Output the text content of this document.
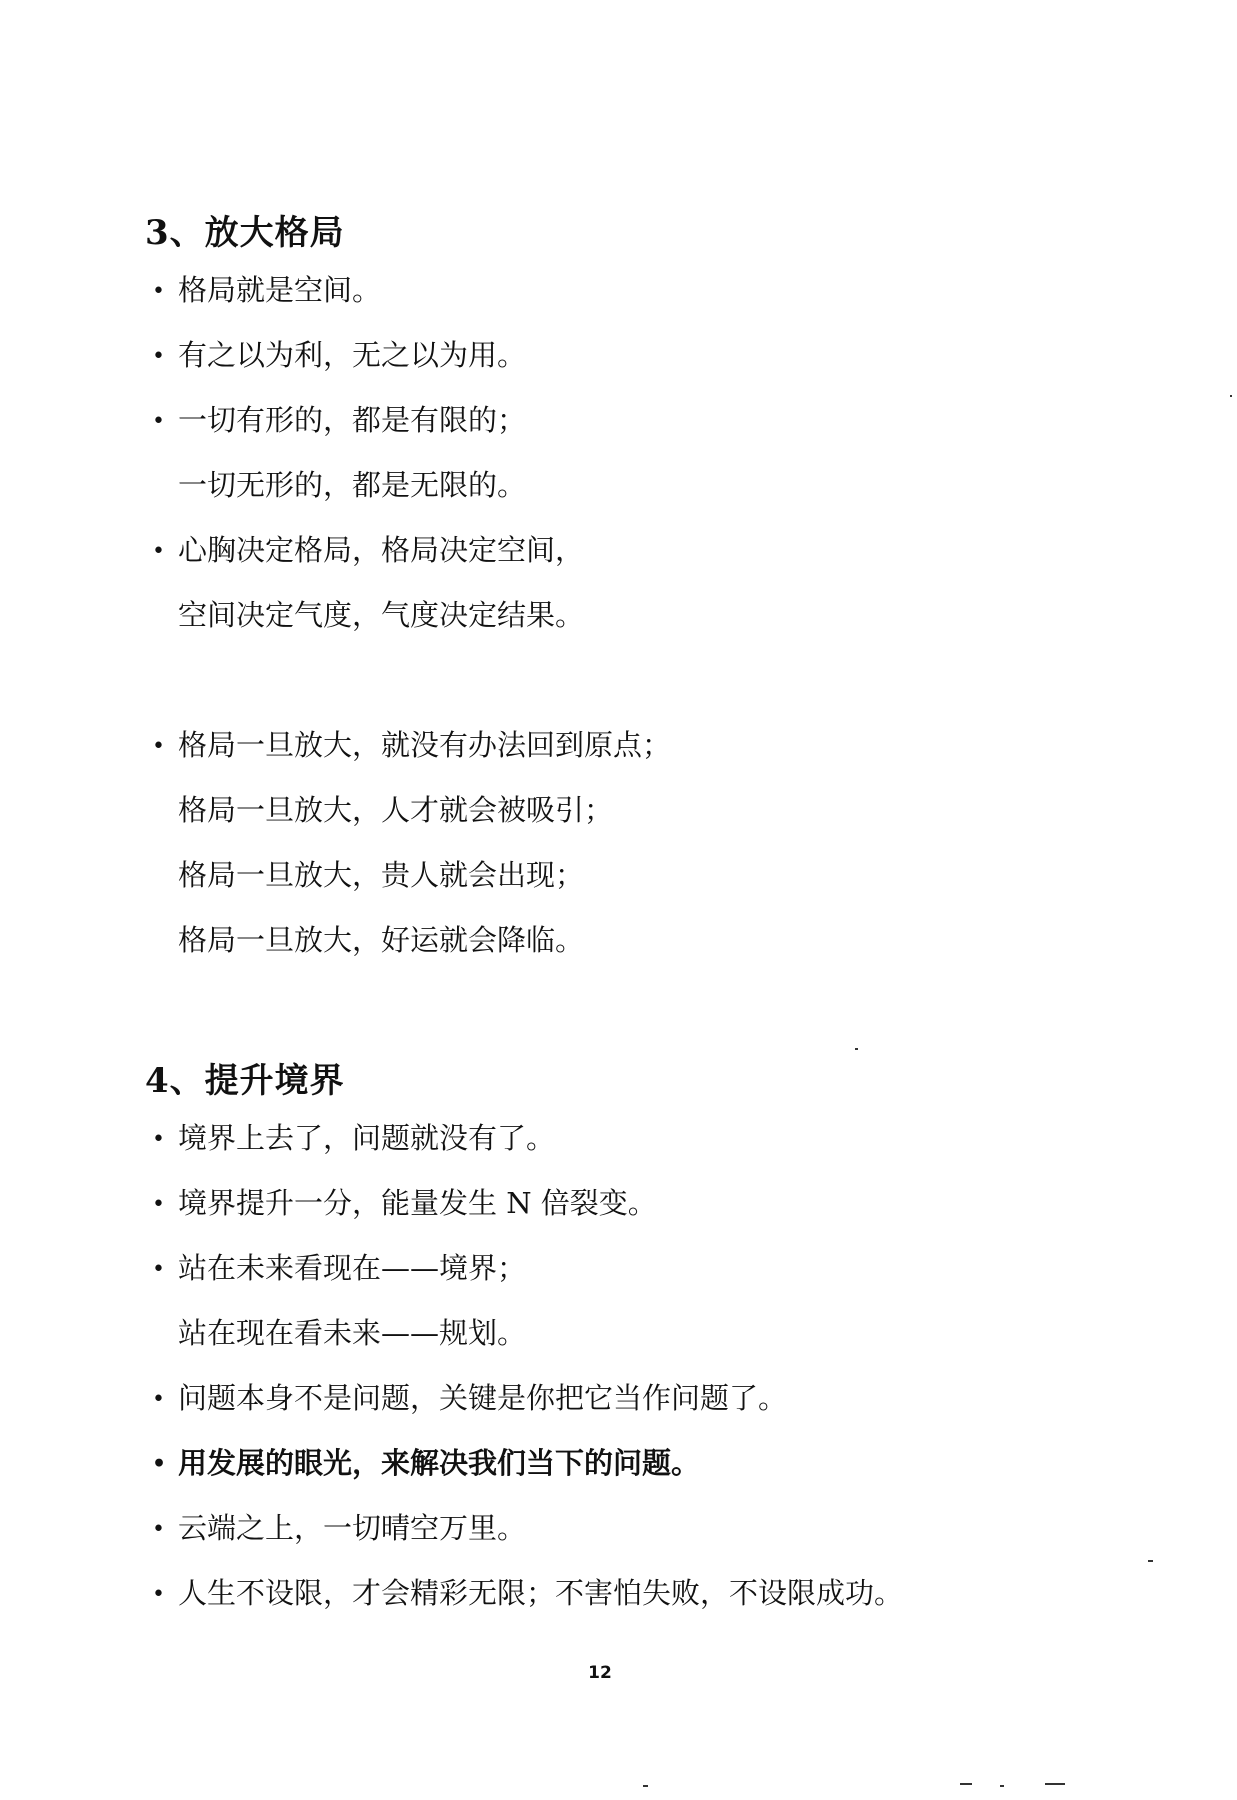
3、放大格局
• 格局就是空间。
• 有之以为利，无之以为用。
• 一切有形的，都是有限的；
一切无形的，都是无限的。
• 心胸决定格局，格局决定空间，
空间决定气度，气度决定结果。
• 格局一旦放大，就没有办法回到原点；
格局一旦放大，人才就会被吸引；
格局一旦放大，贵人就会出现；
格局一旦放大，好运就会降临。
4、提升境界
• 境界上去了，问题就没有了。
• 境界提升一分，能量发生 N 倍裂变。
• 站在未来看现在——境界；
站在现在看未来——规划。
• 问题本身不是问题，关键是你把它当作问题了。
• 用发展的眼光，来解决我们当下的问题。
• 云端之上，一切晴空万里。
• 人生不设限，才会精彩无限；不害怕失败，不设限成功。
12
